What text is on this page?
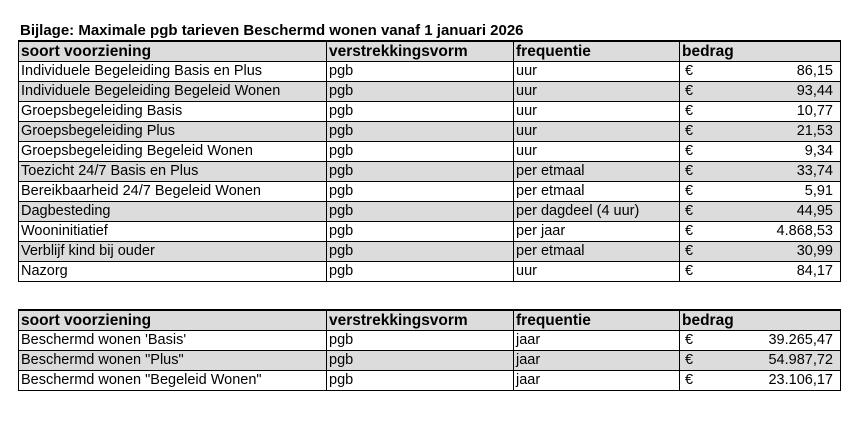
Bijlage: Maximale pgb tarieven Beschermd wonen vanaf 1 januari 2026
soort voorziening	verstrekkingsvorm	frequentie	bedrag
Individuele Begeleiding Basis en Plus	pgb	uur	€ 86,15

Individuele Begeleiding Begeleid Wonen	pgb	uur	€ 93,44

Groepsbegeleiding Basis	pgb	uur	€ 10,77

Groepsbegeleiding Plus	pgb	uur	€ 21,53

Groepsbegeleiding Begeleid Wonen	pgb	uur	€ 9,34

Toezicht 24/7 Basis en Plus	pgb	per etmaal	€ 33,74

Bereikbaarheid 24/7 Begeleid Wonen	pgb	per etmaal	€ 5,91

Dagbesteding	pgb	per dagdeel (4 uur)	€ 44,95

Wooninitiatief	pgb	per jaar	€ 4.868,53

Verblijf kind bij ouder	pgb	per etmaal	€ 30,99

Nazorg	pgb	uur	€ 84,17
soort voorziening	verstrekkingsvorm	frequentie	bedrag
Beschermd wonen 'Basis'	pgb	jaar	€ 39.265,47

Beschermd wonen "Plus"	pgb	jaar	€ 54.987,72

Beschermd wonen "Begeleid Wonen"	pgb	jaar	€ 23.106,17
